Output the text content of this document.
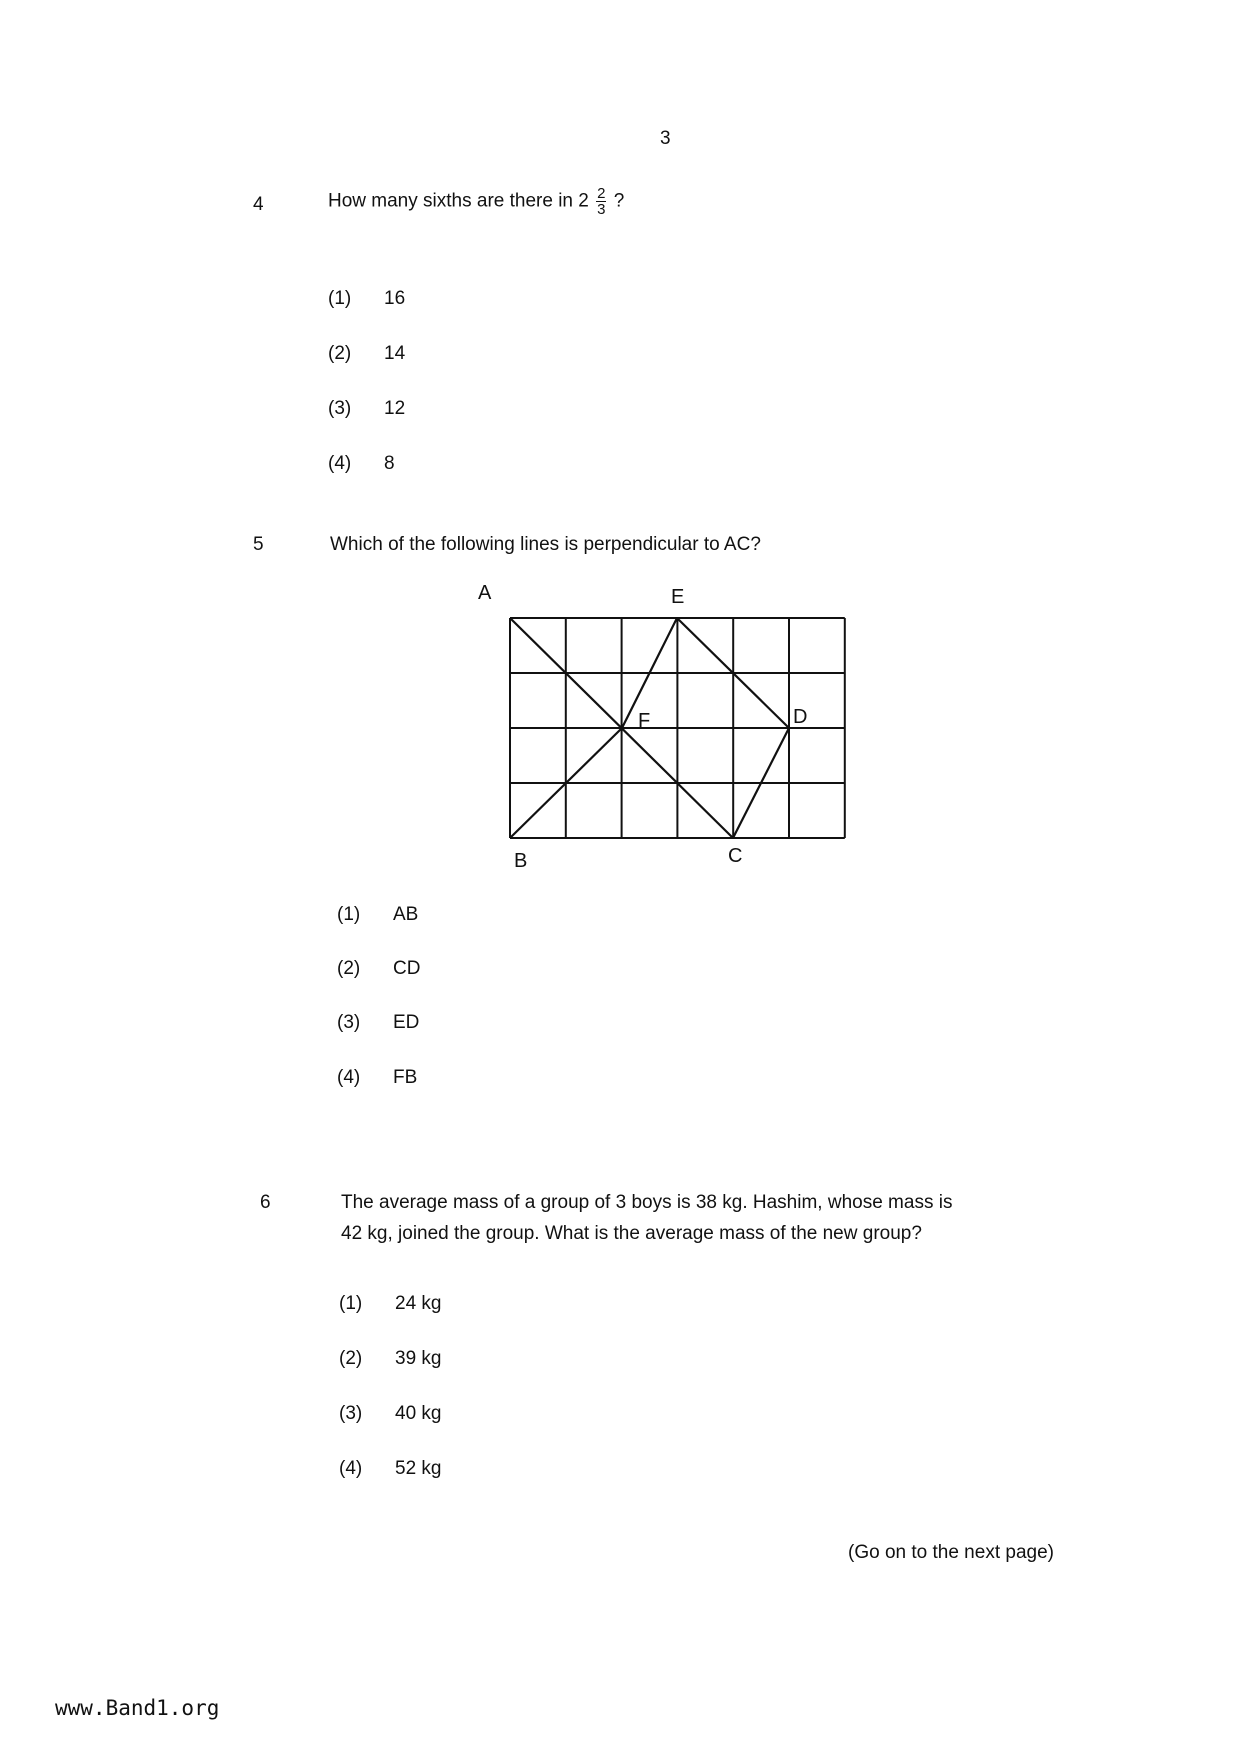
3
4	How many sixths are there in $2 \frac{2}{3}$ ?
(1) 16
(2) 14
(3) 12
(4) 8
5	Which of the following lines is perpendicular to AC?
A	E
F	D
B	C
(1) AB
(2) CD
(3) ED
(4) FB
6	The average mass of a group of 3 boys is 38 kg. Hashim, whose mass is
42 kg, joined the group. What is the average mass of the new group?
(1) 24 kg
(2) 39 kg
(3) 40 kg
(4) 52 kg
(Go on to the next page)
www.Band1.org
